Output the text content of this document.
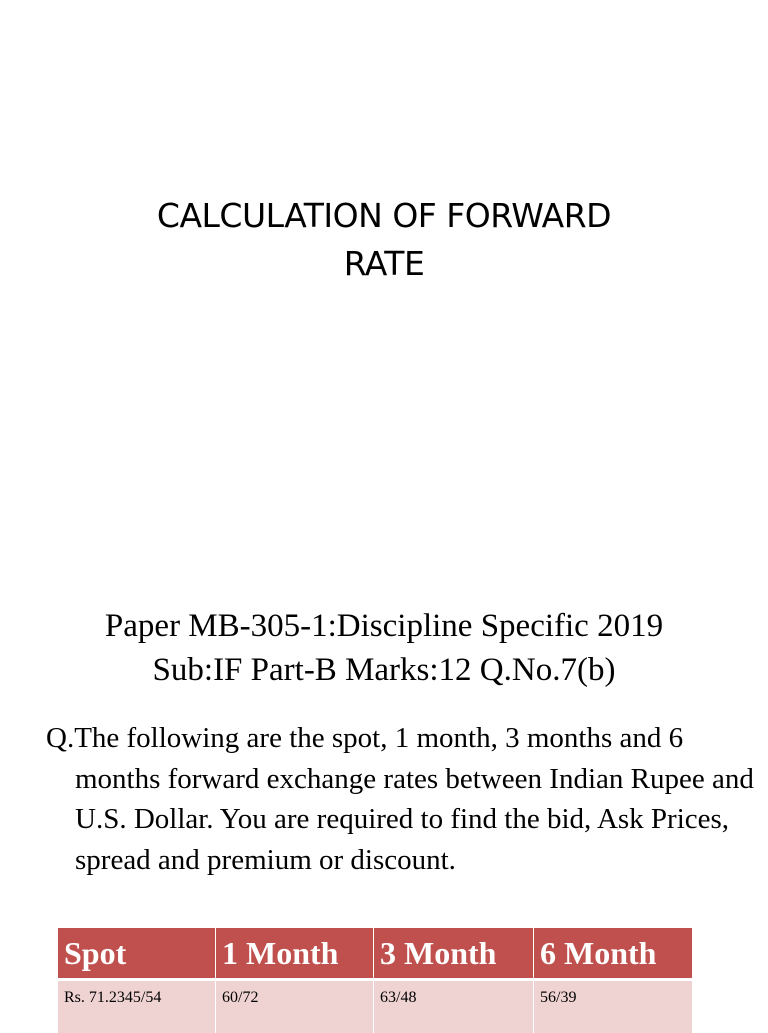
CALCULATION OF FORWARD
RATE
Paper MB-305-1:Discipline Specific 2019
Sub:IF Part-B Marks:12 Q.No.7(b)

Q.The following are the spot, 1 month, 3 months and 6 months forward exchange rates between Indian Rupee and U.S. Dollar. You are required to find the bid, Ask Prices, spread and premium or discount.

Spot	1 Month	3 Month	6 Month
Rs. 71.2345/54	60/72	63/48	56/39
